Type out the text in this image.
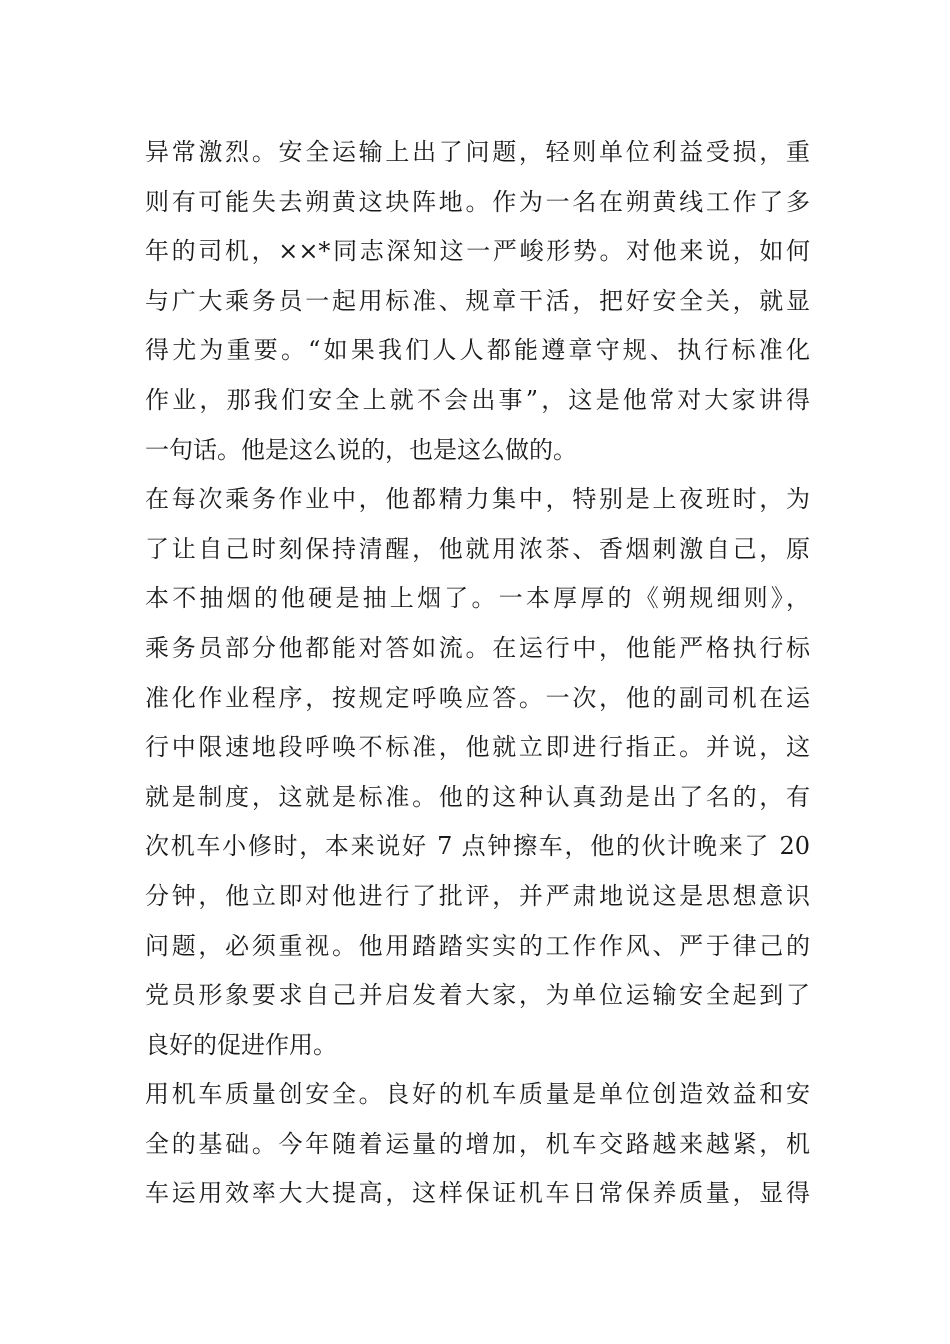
异常激烈。安全运输上出了问题，轻则单位利益受损，重
则有可能失去朔黄这块阵地。作为一名在朔黄线工作了多
年的司机，××*同志深知这一严峻形势。对他来说，如何
与广大乘务员一起用标准、规章干活，把好安全关，就显
得尤为重要。“如果我们人人都能遵章守规、执行标准化
作业，那我们安全上就不会出事”，这是他常对大家讲得
一句话。他是这么说的，也是这么做的。
在每次乘务作业中，他都精力集中，特别是上夜班时，为
了让自己时刻保持清醒，他就用浓茶、香烟刺激自己，原
本不抽烟的他硬是抽上烟了。一本厚厚的《朔规细则》，
乘务员部分他都能对答如流。在运行中，他能严格执行标
准化作业程序，按规定呼唤应答。一次，他的副司机在运
行中限速地段呼唤不标准，他就立即进行指正。并说，这
就是制度，这就是标准。他的这种认真劲是出了名的，有
次机车小修时，本来说好 7 点钟擦车，他的伙计晚来了 20
分钟，他立即对他进行了批评，并严肃地说这是思想意识
问题，必须重视。他用踏踏实实的工作作风、严于律己的
党员形象要求自己并启发着大家，为单位运输安全起到了
良好的促进作用。
用机车质量创安全。良好的机车质量是单位创造效益和安
全的基础。今年随着运量的增加，机车交路越来越紧，机
车运用效率大大提高，这样保证机车日常保养质量，显得
